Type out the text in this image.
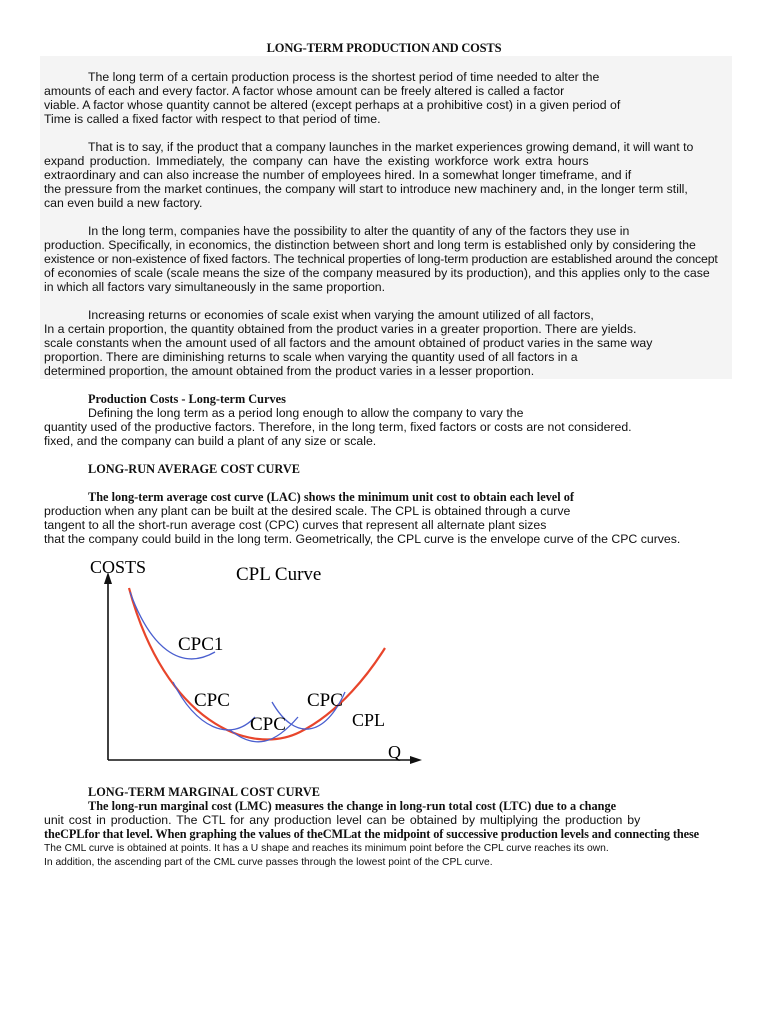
LONG-TERM PRODUCTION AND COSTS
The long term of a certain production process is the shortest period of time needed to alter the
amounts of each and every factor. A factor whose amount can be freely altered is called a factor
viable. A factor whose quantity cannot be altered (except perhaps at a prohibitive cost) in a given period of
Time is called a fixed factor with respect to that period of time.
That is to say, if the product that a company launches in the market experiences growing demand, it will want to
expand production. Immediately, the company can have the existing workforce work extra hours
extraordinary and can also increase the number of employees hired. In a somewhat longer timeframe, and if
the pressure from the market continues, the company will start to introduce new machinery and, in the longer term still,
can even build a new factory.
In the long term, companies have the possibility to alter the quantity of any of the factors they use in
production. Specifically, in economics, the distinction between short and long term is established only by considering the
existence or non-existence of fixed factors. The technical properties of long-term production are established around the concept
of economies of scale (scale means the size of the company measured by its production), and this applies only to the case
in which all factors vary simultaneously in the same proportion.
Increasing returns or economies of scale exist when varying the amount utilized of all factors,
In a certain proportion, the quantity obtained from the product varies in a greater proportion. There are yields.
scale constants when the amount used of all factors and the amount obtained of product varies in the same way
proportion. There are diminishing returns to scale when varying the quantity used of all factors in a
determined proportion, the amount obtained from the product varies in a lesser proportion.
Production Costs - Long-term Curves
Defining the long term as a period long enough to allow the company to vary the
quantity used of the productive factors. Therefore, in the long term, fixed factors or costs are not considered.
fixed, and the company can build a plant of any size or scale.
LONG-RUN AVERAGE COST CURVE
The long-term average cost curve (LAC) shows the minimum unit cost to obtain each level of
production when any plant can be built at the desired scale. The CPL is obtained through a curve
tangent to all the short-run average cost (CPC) curves that represent all alternate plant sizes
that the company could build in the long term. Geometrically, the CPL curve is the envelope curve of the CPC curves.
COSTS	CPL Curve
CPC1
CPC
CPC
CPC
CPL
Q
LONG-TERM MARGINAL COST CURVE
The long-run marginal cost (LMC) measures the change in long-run total cost (LTC) due to a change
unit cost in production. The CTL for any production level can be obtained by multiplying the production by
theCPLfor that level. When graphing the values of theCMLat the midpoint of successive production levels and connecting these
The CML curve is obtained at points. It has a U shape and reaches its minimum point before the CPL curve reaches its own.
In addition, the ascending part of the CML curve passes through the lowest point of the CPL curve.
